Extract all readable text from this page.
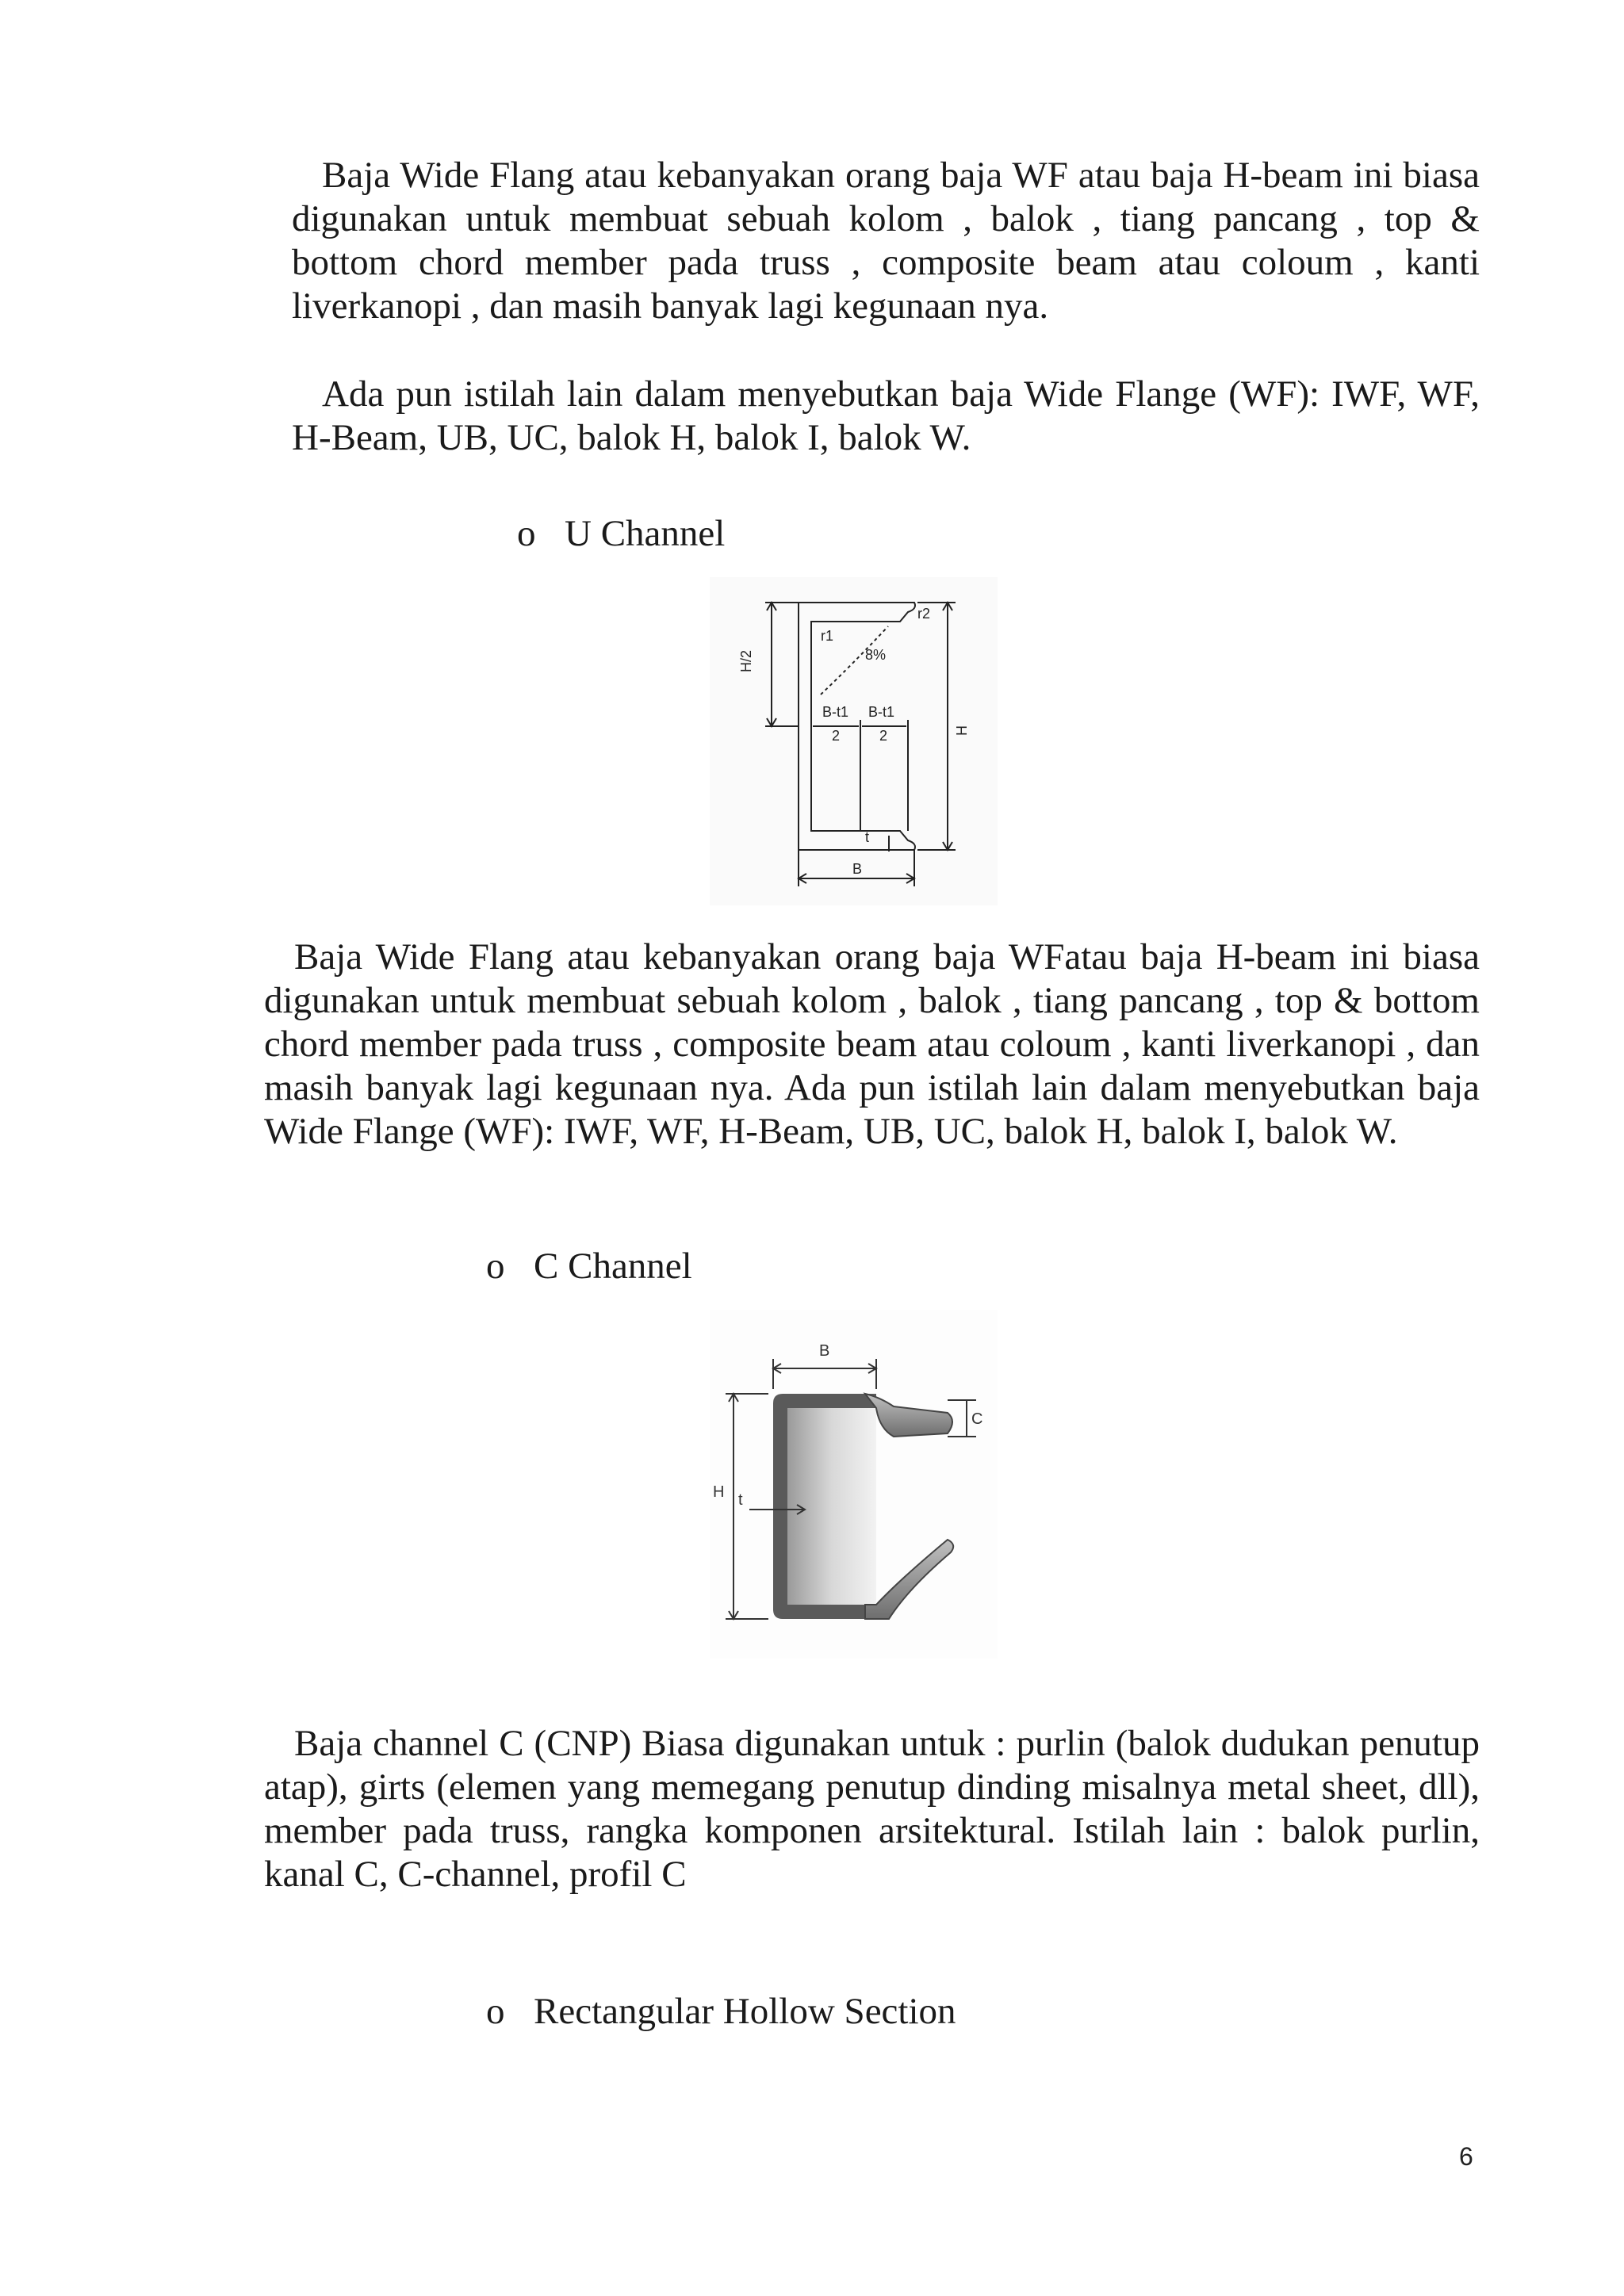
Baja Wide Flang atau kebanyakan orang baja WF atau baja H-beam ini biasa digunakan untuk membuat sebuah kolom , balok , tiang pancang , top & bottom chord member pada truss , composite beam atau coloum , kanti liverkanopi , dan masih banyak lagi kegunaan nya.

Ada pun istilah lain dalam menyebutkan baja Wide Flange (WF): IWF, WF, H-Beam, UB, UC, balok H, balok I, balok W.

o U Channel
H/2
H
B
B-t1
2
B-t1
2
r1
r2
8%
t

Baja Wide Flang atau kebanyakan orang baja WFatau baja H-beam ini biasa digunakan untuk membuat sebuah kolom , balok , tiang pancang , top & bottom chord member pada truss , composite beam atau coloum , kanti liverkanopi , dan masih banyak lagi kegunaan nya. Ada pun istilah lain dalam menyebutkan baja Wide Flange (WF): IWF, WF, H-Beam, UB, UC, balok H, balok I, balok W.

o C Channel
B
C
H t

Baja channel C (CNP) Biasa digunakan untuk : purlin (balok dudukan penutup atap), girts (elemen yang memegang penutup dinding misalnya metal sheet, dll), member pada truss, rangka komponen arsitektural. Istilah lain : balok purlin, kanal C, C-channel, profil C

o Rectangular Hollow Section
6
